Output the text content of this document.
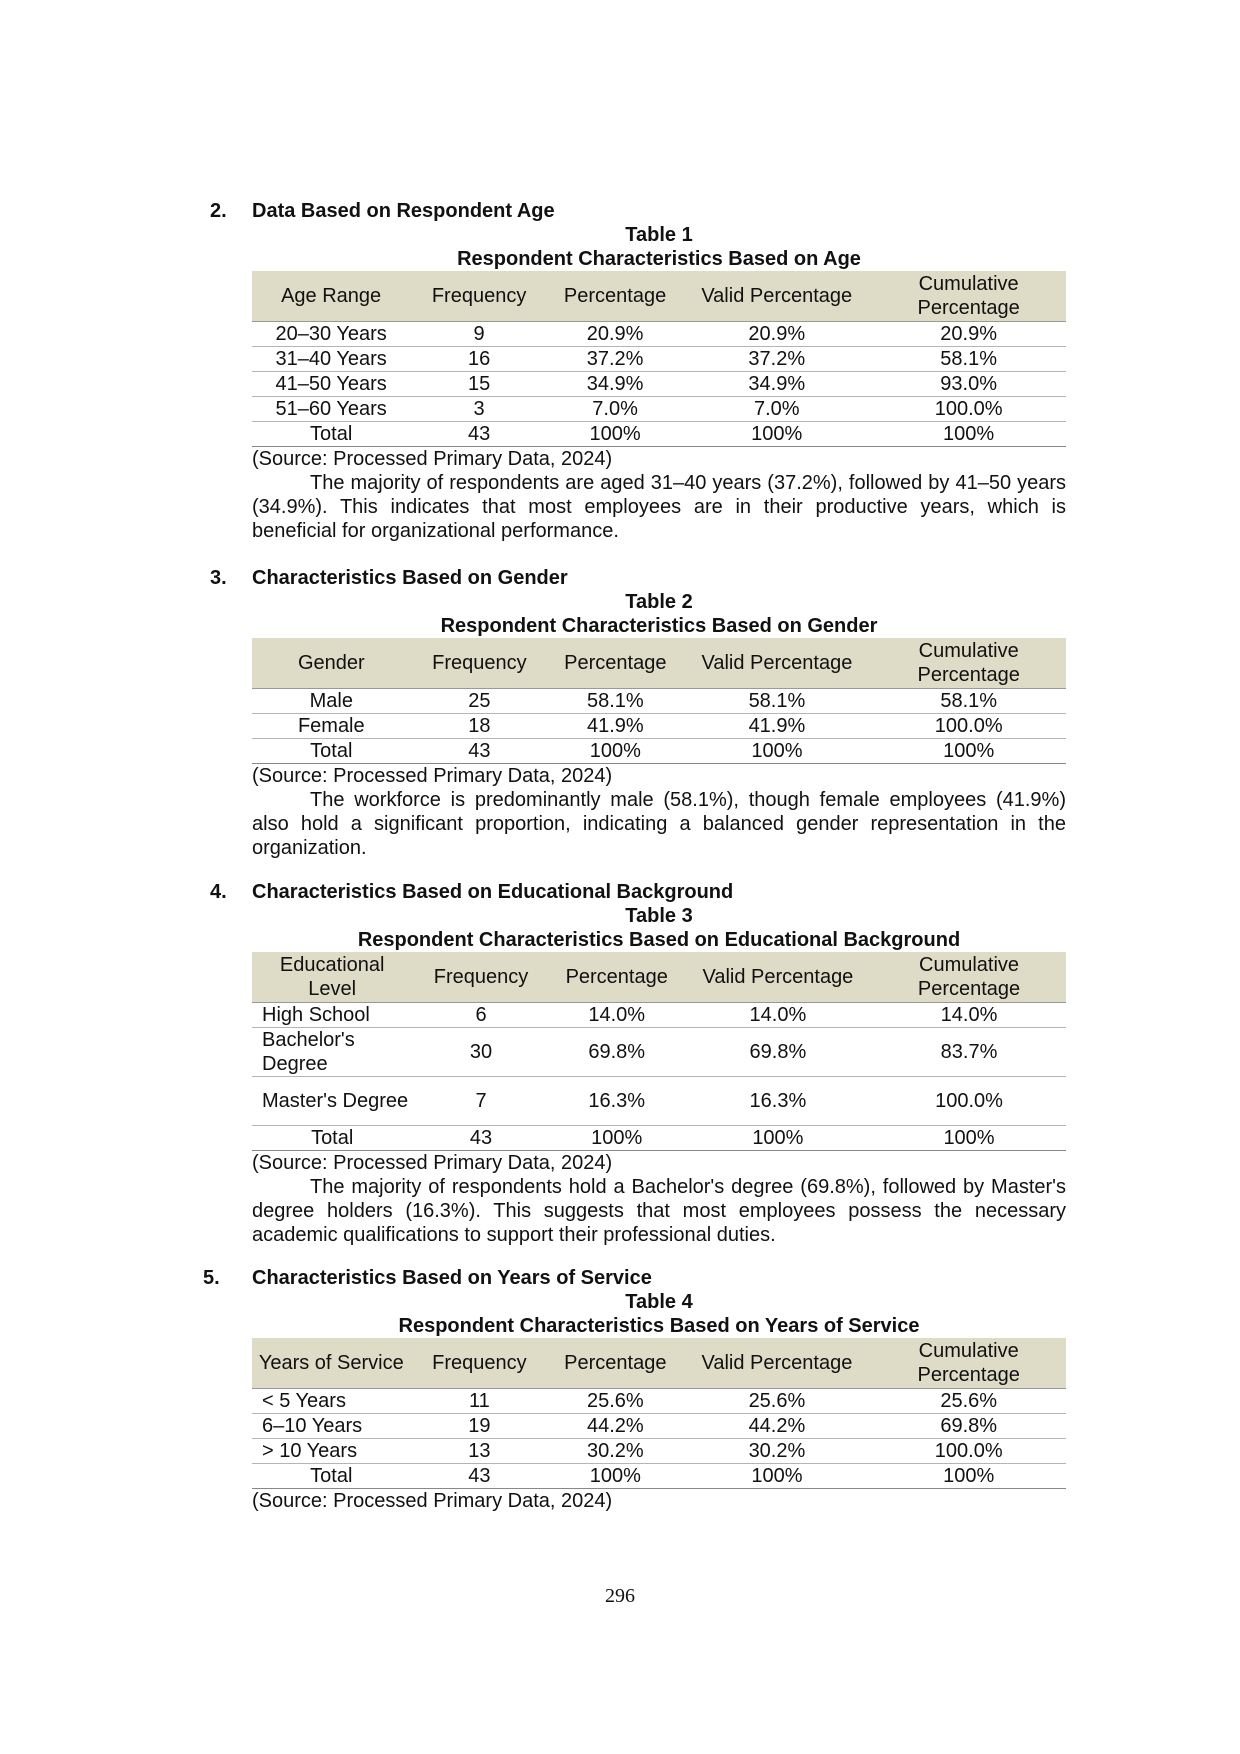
2. Data Based on Respondent Age
Table 1
Respondent Characteristics Based on Age
Age Range	Frequency	Percentage	Valid Percentage	Cumulative Percentage
20–30 Years	9	20.9%	20.9%	20.9%
31–40 Years	16	37.2%	37.2%	58.1%
41–50 Years	15	34.9%	34.9%	93.0%
51–60 Years	3	7.0%	7.0%	100.0%
Total	43	100%	100%	100%
(Source: Processed Primary Data, 2024)
The majority of respondents are aged 31–40 years (37.2%), followed by 41–50 years (34.9%). This indicates that most employees are in their productive years, which is beneficial for organizational performance.
3. Characteristics Based on Gender
Table 2
Respondent Characteristics Based on Gender
Gender	Frequency	Percentage	Valid Percentage	Cumulative Percentage
Male	25	58.1%	58.1%	58.1%
Female	18	41.9%	41.9%	100.0%
Total	43	100%	100%	100%
(Source: Processed Primary Data, 2024)
The workforce is predominantly male (58.1%), though female employees (41.9%) also hold a significant proportion, indicating a balanced gender representation in the organization.
4. Characteristics Based on Educational Background
Table 3
Respondent Characteristics Based on Educational Background
Educational Level	Frequency	Percentage	Valid Percentage	Cumulative Percentage
High School	6	14.0%	14.0%	14.0%
Bachelor's Degree	30	69.8%	69.8%	83.7%
Master's Degree	7	16.3%	16.3%	100.0%
Total	43	100%	100%	100%
(Source: Processed Primary Data, 2024)
The majority of respondents hold a Bachelor's degree (69.8%), followed by Master's degree holders (16.3%). This suggests that most employees possess the necessary academic qualifications to support their professional duties.
5. Characteristics Based on Years of Service
Table 4
Respondent Characteristics Based on Years of Service
Years of Service	Frequency	Percentage	Valid Percentage	Cumulative Percentage
< 5 Years	11	25.6%	25.6%	25.6%
6–10 Years	19	44.2%	44.2%	69.8%
> 10 Years	13	30.2%	30.2%	100.0%
Total	43	100%	100%	100%
(Source: Processed Primary Data, 2024)
296
